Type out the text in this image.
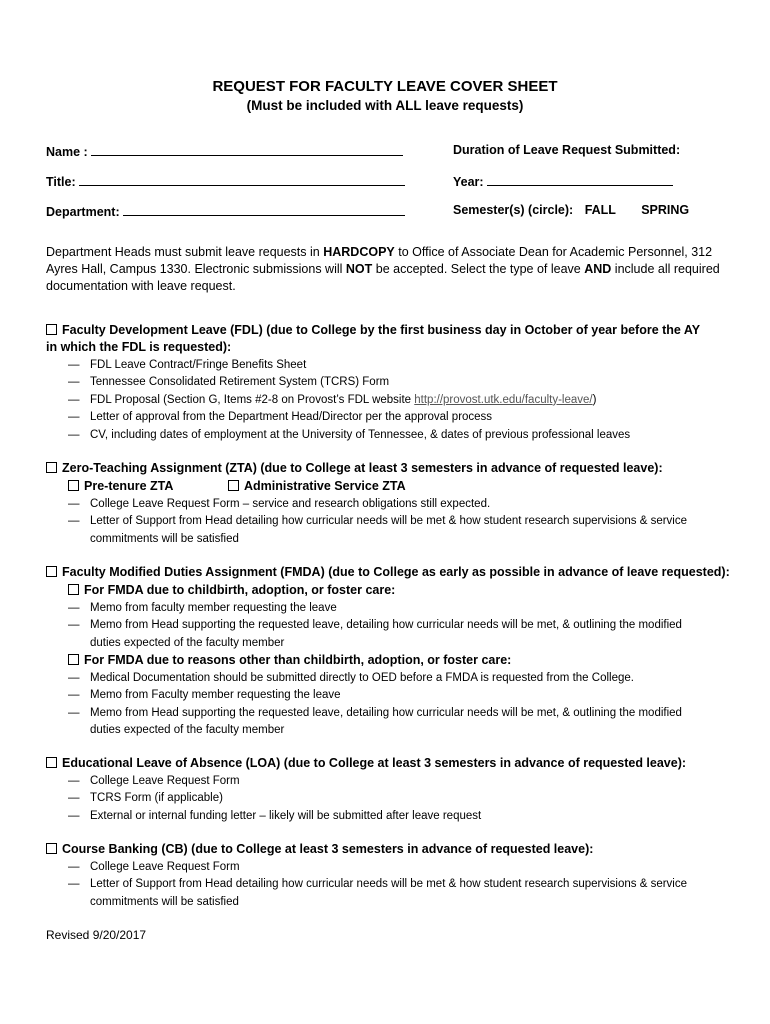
REQUEST FOR FACULTY LEAVE COVER SHEET
(Must be included with ALL leave requests)
Name :
Title:
Department:
Duration of Leave Request Submitted:
Year:
Semester(s) (circle): FALL SPRING
Department Heads must submit leave requests in HARDCOPY to Office of Associate Dean for Academic Personnel, 312 Ayres Hall, Campus 1330. Electronic submissions will NOT be accepted. Select the type of leave AND include all required documentation with leave request.
Faculty Development Leave (FDL) (due to College by the first business day in October of year before the AY in which the FDL is requested):
— FDL Leave Contract/Fringe Benefits Sheet
— Tennessee Consolidated Retirement System (TCRS) Form
— FDL Proposal (Section G, Items #2-8 on Provost’s FDL website http://provost.utk.edu/faculty-leave/)
— Letter of approval from the Department Head/Director per the approval process
— CV, including dates of employment at the University of Tennessee, & dates of previous professional leaves
Zero-Teaching Assignment (ZTA) (due to College at least 3 semesters in advance of requested leave):
Pre-tenure ZTA	Administrative Service ZTA
— College Leave Request Form – service and research obligations still expected.
— Letter of Support from Head detailing how curricular needs will be met & how student research supervisions & service commitments will be satisfied
Faculty Modified Duties Assignment (FMDA) (due to College as early as possible in advance of leave requested):
For FMDA due to childbirth, adoption, or foster care:
— Memo from faculty member requesting the leave
— Memo from Head supporting the requested leave, detailing how curricular needs will be met, & outlining the modified duties expected of the faculty member
For FMDA due to reasons other than childbirth, adoption, or foster care:
— Medical Documentation should be submitted directly to OED before a FMDA is requested from the College.
— Memo from Faculty member requesting the leave
— Memo from Head supporting the requested leave, detailing how curricular needs will be met, & outlining the modified duties expected of the faculty member
Educational Leave of Absence (LOA) (due to College at least 3 semesters in advance of requested leave):
— College Leave Request Form
— TCRS Form (if applicable)
— External or internal funding letter – likely will be submitted after leave request
Course Banking (CB) (due to College at least 3 semesters in advance of requested leave):
— College Leave Request Form
— Letter of Support from Head detailing how curricular needs will be met & how student research supervisions & service commitments will be satisfied
Revised 9/20/2017
